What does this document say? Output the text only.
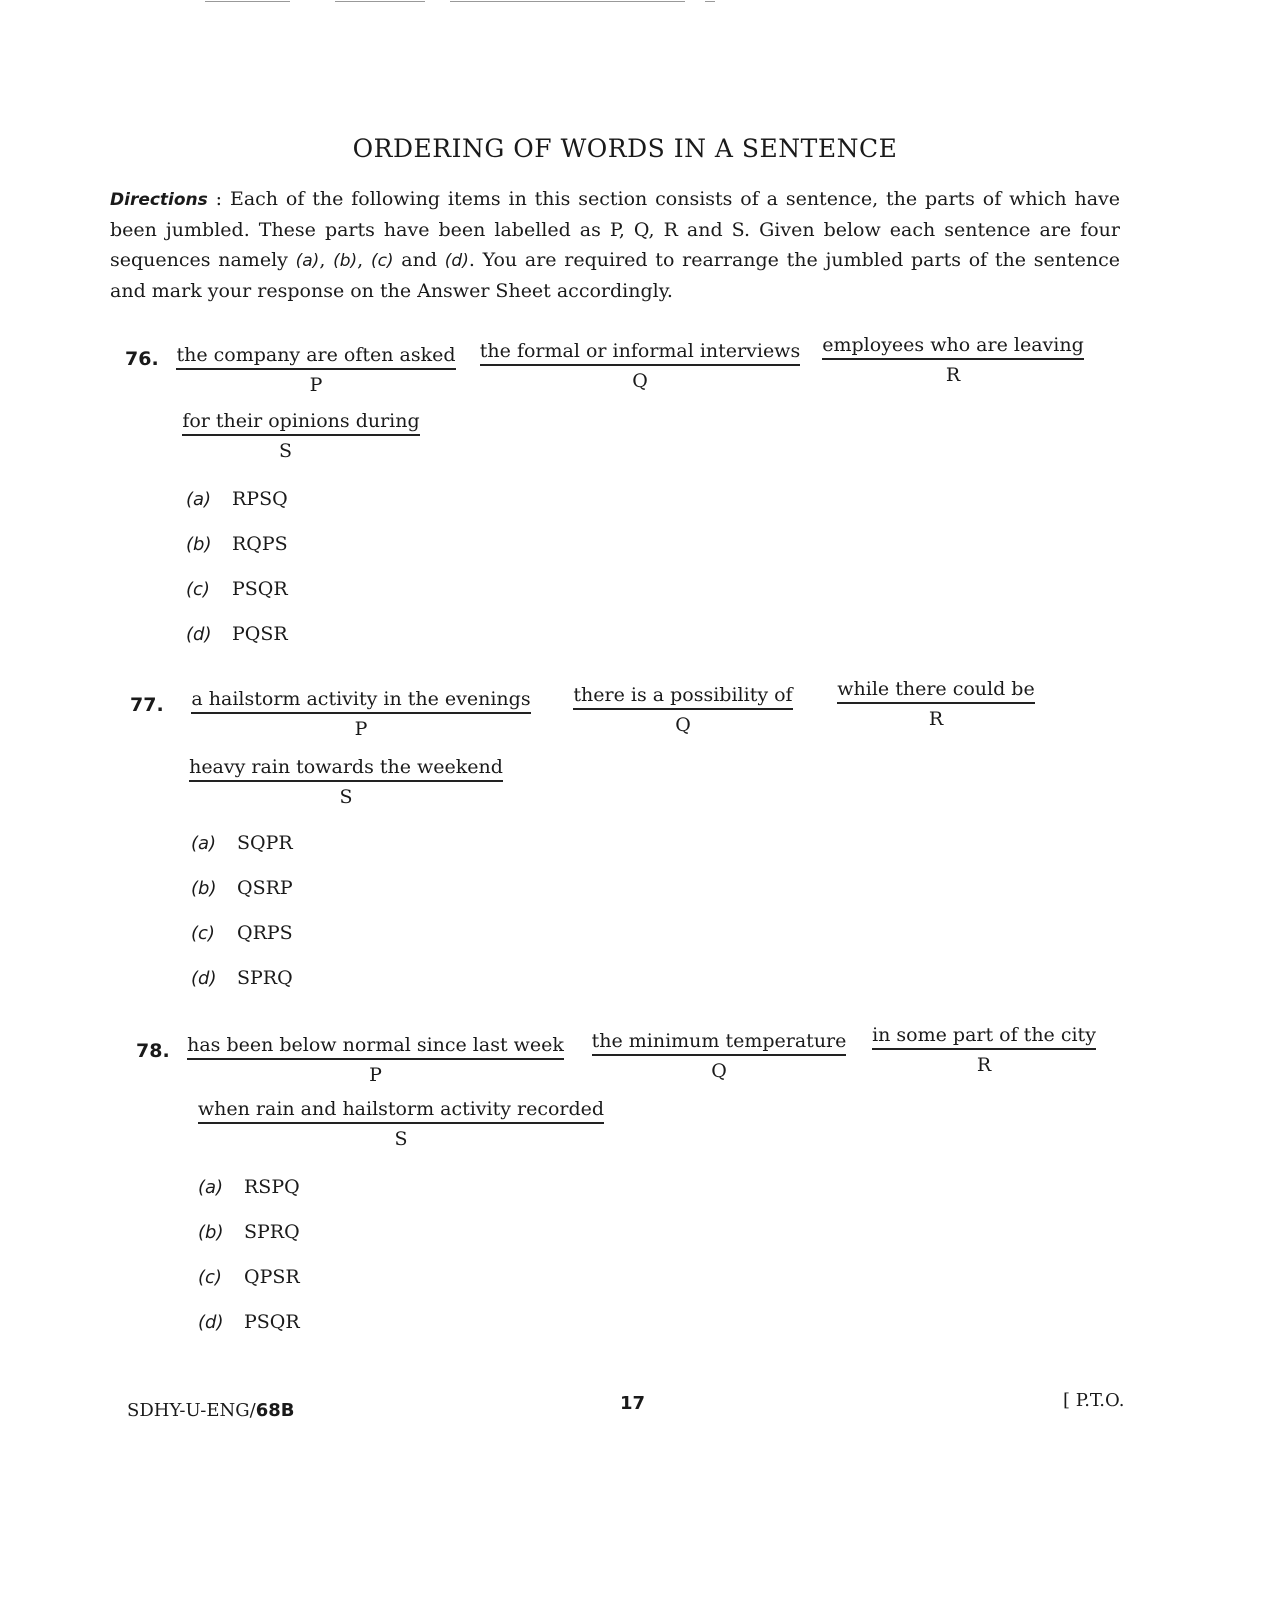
ORDERING OF WORDS IN A SENTENCE
Directions : Each of the following items in this section consists of a sentence, the parts of which have been jumbled. These parts have been labelled as P, Q, R and S. Given below each sentence are four sequences namely (a), (b), (c) and (d). You are required to rearrange the jumbled parts of the sentence and mark your response on the Answer Sheet accordingly.
76. the company are often asked
P
the formal or informal interviews
Q
employees who are leaving
R
for their opinions during
S
(a) RPSQ
(b) RQPS
(c) PSQR
(d) PQSR
77.	a hailstorm activity in the evenings
P
there is a possibility of
Q
while there could be
R
heavy rain towards the weekend
S
(a) SQPR
(b) QSRP
(c) QRPS
(d) SPRQ
78. has been below normal since last week
P
the minimum temperature
Q
in some part of the city
R
when rain and hailstorm activity recorded
S
(a) RSPQ
(b) SPRQ
(c) QPSR
(d) PSQR
SDHY-U-ENG/68B	17	[ P.T.O.
